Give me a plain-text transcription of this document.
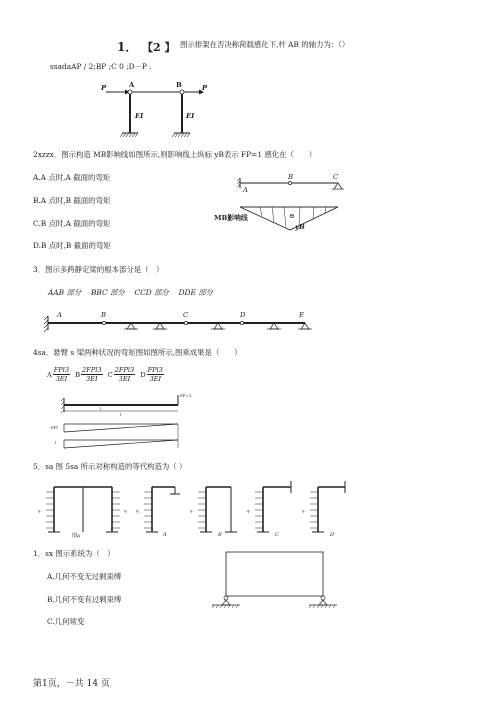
1． 【2 】 图示排架在否决称荷载感化下,杆 AB 的轴力为：（）
ssadaAP / 2;BP ;C 0 ;D－P .
P	A	B	P
EI	EI
2xzzx．图示构造 MB影响线如图所示,则影响线上纵标 yB表示 FP=1 感化在（　　）
A.A 点时,A 截面的弯矩
B.A 点时,B 截面的弯矩
C.B 点时,A 截面的弯矩
D.B 点时,B 截面的弯矩
A
B	C
MB影响线	⊖
yB
3．图示多跨静定梁的根本部分是（　）
AAB 部分　 BBC 部分　 CCD 部分　 DDE 部分
A	B	C	D	E
4sa．悬臂 s 梁两种状况的弯矩图如图所示,图乘成果是（　　）
A $\frac{\text{FPl3}}{3EI}$ B $\frac{\text{2FPl3}}{3EI}$ C $\frac{\text{2FPl3}}{3EI}$ D $\frac{\text{FPl3}}{3EI}$
FP=1
l
l
FPl
l
5．sa 图 5sa 所示对称构造的等代构造为（ ）
q	q q	q	q	q
图a	A	B	C	D
1．sx 图示系统为（　）
A.几何不变无过剩束缚
B.几何不变有过剩束缚
C.几何常变
第1页，－共 14 页
